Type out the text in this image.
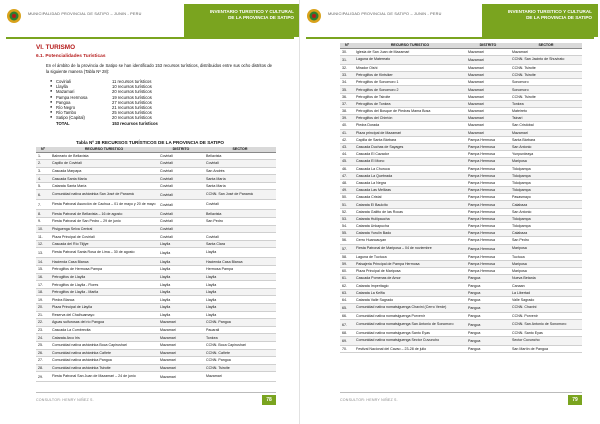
MUNICIPALIDAD PROVINCIAL DE SATIPO – JUNIN - PERU	INVENTARIO TURISTICO Y CULTURAL
DE LA PROVINCIA DE SATIPO
VI. TURISMO
6.1. Potencialidades Turísticas
En el ámbito de la provincia de Satipo se han identificado 153 recursos turísticos, distribuidos entre sus ocho distritos de la siguiente manera (Tabla Nº 28):
● Coviriali	11 recursos turísticos
● Llaylla	10 recursos turísticos
● Mazamari	20 recursos turísticos
● Pampa Hermosa	19 recursos turísticos
● Pangoa	27 recursos turísticos
● Río Negro	21 recursos turísticos
● Río Tambo	25 recursos turísticos
● Satipo (Capital)	20 recursos turísticos
TOTAL	153 recursos turísticos
Tabla Nº 28 RECURSOS TURÍSTICOS DE LA PROVINCIA DE SATIPO
Nº	RECURSO TURÍSTICO	DISTRITO	SECTOR
1.	Balneario de Bellavista	Coviriali	Bellavista
2.	Capillo de Coviriali	Coviriali	Coviriali
3.	Cascada Marpapa	Coviriali	San Andrés
4.	Cascada Santa María	Coviriali	Santa María
5.	Catarata Santa María	Coviriali	Santa María
6.	Comunidad nativa asháninka San José de Panamá	Coviriali	CCNN. San José de Panamá
7.	Fiesta Patronal Asunción de Cachua – 01 de mayo y 20 de mayo	Coviriali	Coviriali
8.	Fiesta Patronal de Bellavista – 16 de agosto	Coviriali	Bellavista
9.	Fiesta Patronal de San Pedro – 29 de junio	Coviriali	San Pedro
10.	Pisiguenga Selva Central	Coviriali	
11.	Plaza Principal de Coviriali	Coviriali	Coviriali
12.	Cascada del Río Tiijiye	Llaylla	Santa Clara
13.	Fiesta Patronal Santa Rosa de Lima – 30 de agosto	Llaylla	Llaylla
14.	Hacienda Casa Blanca	Llaylla	Hacienda Casa Blanca
15.	Petroglifos de Hermosa Pampa	Llaylla	Hermosa Pampa
16.	Petroglifos de Llaylla	Llaylla	Llaylla
17.	Petroglifos de Llaylla - Flores	Llaylla	Llaylla
18.	Petroglifos de Llaylla - Marila	Llaylla	Llaylla
19.	Piedra Blanca	Llaylla	Llaylla
20.	Plaza Principal de Llaylla	Llaylla	Llaylla
21.	Reserva del Chalhuamayo	Llaylla	Llaylla
22.	Aguas sulfurosas del río Pangoa	Mazamari	CCNN. Pangoa
23.	Cascada La Cumbrecita	Mazamari	Pauarali
24.	Catarata Arco Iris	Mazamari	Tonkea
25.	Comunidad nativa asháninka Boca Capirushari	Mazamari	CCNN. Boca Capirushari
26.	Comunidad nativa asháninka Cañete	Mazamari	CCNN. Cañete
27.	Comunidad nativa asháninka Pangoa	Mazamari	CCNN. Pangoa
28.	Comunidad nativa asháninka Tsiroite	Mazamari	CCNN. Tsiroite
29.	Fiesta Patronal San Juan de Mazamari – 24 de junio	Mazamari	Mazamari
CONSULTOR: HENRY NIÑEZ S.	78
MUNICIPALIDAD PROVINCIAL DE SATIPO – JUNIN - PERU	INVENTARIO TURISTICO Y CULTURAL
DE LA PROVINCIA DE SATIPO
Nº	RECURSO TURÍSTICO	DISTRITO	SECTOR
30.	Iglesia de San Juan de Mazamari	Mazamari	Mazamari
31.	Laguna de Matereato	Mazamari	CCNN. San Jacinto de Shuvirato
32.	Mirador Oishi	Mazamari	CCNN. Tsiroite
33.	Petroglifos de Kintsiker	Mazamari	CCNN. Tsiroite
34.	Petroglifos de Sonomoro 1	Mazamari	Sonomoro
35.	Petroglifos de Sonomoro 2	Mazamari	Sonomoro
36.	Petroglifos de Tsiroite	Mazamari	CCNN. Tsiroite
37.	Petroglifos de Tonkea	Mazamari	Tonkea
38.	Petroglifos del Bosque de Piedras Mama Bosa	Mazamari	Mateireto
39.	Petroglifos del Chirrión	Mazamari	Tsinari
40.	Piedra Dorada	Mazamari	San Cristóbal
41.	Plaza principal de Mazamari	Mazamari	Mazamari
42.	Capilla de Santa Bárbara	Pampa Hermosa	Santa Bárbara
43.	Cascada Duchas de Sayages	Pampa Hermosa	San Antonio
44.	Cascada El Cazador	Pampa Hermosa	Yunpurdeaya
45.	Cascada El Mono	Pampa Hermosa	Mariposa
46.	Cascada La Churuca	Pampa Hermosa	Tidolpampa
47.	Cascada La Quebrada	Pampa Hermosa	Tidolpampa
48.	Cascada La Negra	Pampa Hermosa	Tidolpampa
49.	Cascada Las Mellizas	Pampa Hermosa	Tidolpampa
50.	Cascada Cristal	Pampa Hermosa	Pasasmayo
51.	Catarata El Baulcito	Pampa Hermosa	Calabaza
52.	Catarata Galitto de las Rocas	Pampa Hermosa	San Antonio
53.	Catarata Huliipaucha	Pampa Hermosa	Tidolpampa
54.	Catarata Unkapucha	Pampa Hermosa	Tidolpampa
55.	Catarata Yurulin Bado	Pampa Hermosa	Calabaza
56.	Cerro Huancauyan	Pampa Hermosa	San Pedro
57.	Fiesta Patronal de Mariposa – 04 de noviembre	Pampa Hermosa	Mariposa
58.	Laguna de Tuctuca	Pampa Hermosa	Tuctuca
59.	Paisajeria Principal de Pampa Hermosa	Pampa Hermosa	Mariposa
60.	Plaza Principal de Mariposa	Pampa Hermosa	Mariposa
61.	Cascada Pomenas de Amor	Pangoa	Nueva Betania
62.	Catarata Imperitagio	Pangoa	Canaan
63.	Catarata La Kelfia	Pangoa	La Libertad
64.	Catarata Valle Sagrado	Pangoa	Valle Sagrado
65.	Comunidad nativa nomatsiguenga Chavini (Cerro Verde)	Pangoa	CCNN. Chavini
66.	Comunidad nativa nomatsiguenga Porvenir	Pangoa	CCNN. Porvenir
67.	Comunidad nativa nomatsiguenga San Antonio de Sonomoro	Pangoa	CCNN. San Antonio de Sonomoro
68.	Comunidad nativa nomatsiguenga Santo Eyas	Pangoa	CCNN. Santo Eyas
69.	Comunidad nativa nomatsiguenga Sector Cuvuncho	Pangoa	Sector Cuvuncho
70.	Festival Nacional del Cavao – 23-28 de julio	Pangoa	San Martín de Pangoa
CONSULTOR: HENRY NIÑEZ S.	79
